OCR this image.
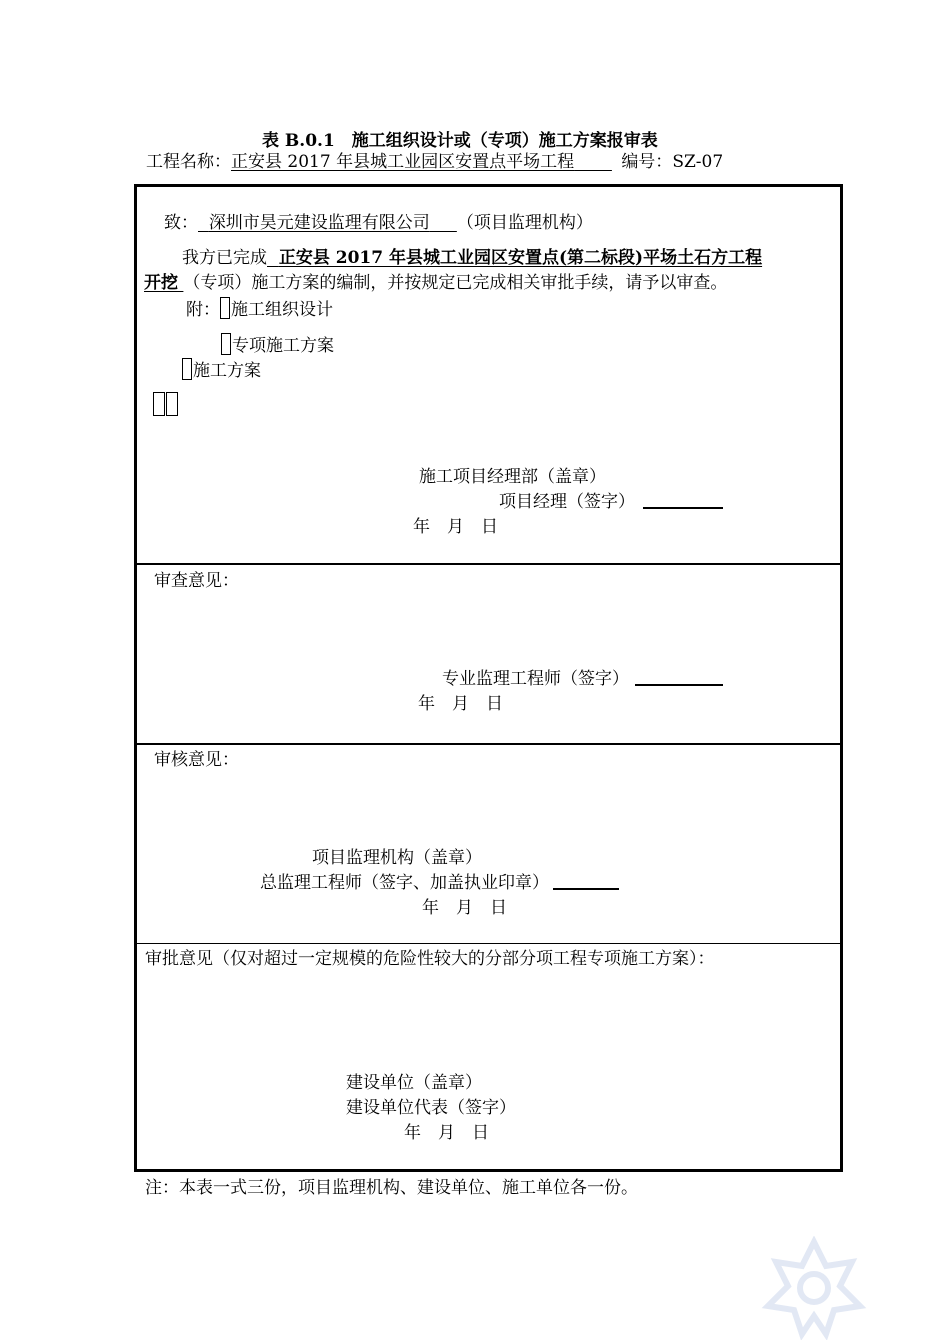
表 B.0.1　施工组织设计或（专项）施工方案报审表
工程名称：正安县 2017 年县城工业园区安置点平场工程	编号：SZ-07
致： 深圳市昊元建设监理有限公司 （项目监理机构）
我方已完成 正安县 2017 年县城工业园区安置点(第二标段)平场土石方工程
开挖 （专项）施工方案的编制，并按规定已完成相关审批手续，请予以审查。
附： 施工组织设计
专项施工方案
施工方案
施工项目经理部（盖章）
项目经理（签字）
年　月　日
审查意见：
专业监理工程师（签字）
年　月　日
审核意见：
项目监理机构（盖章）
总监理工程师（签字、加盖执业印章）
年　月　日
审批意见（仅对超过一定规模的危险性较大的分部分项工程专项施工方案）：
建设单位（盖章）
建设单位代表（签字）
年　月　日
注：本表一式三份，项目监理机构、建设单位、施工单位各一份。
